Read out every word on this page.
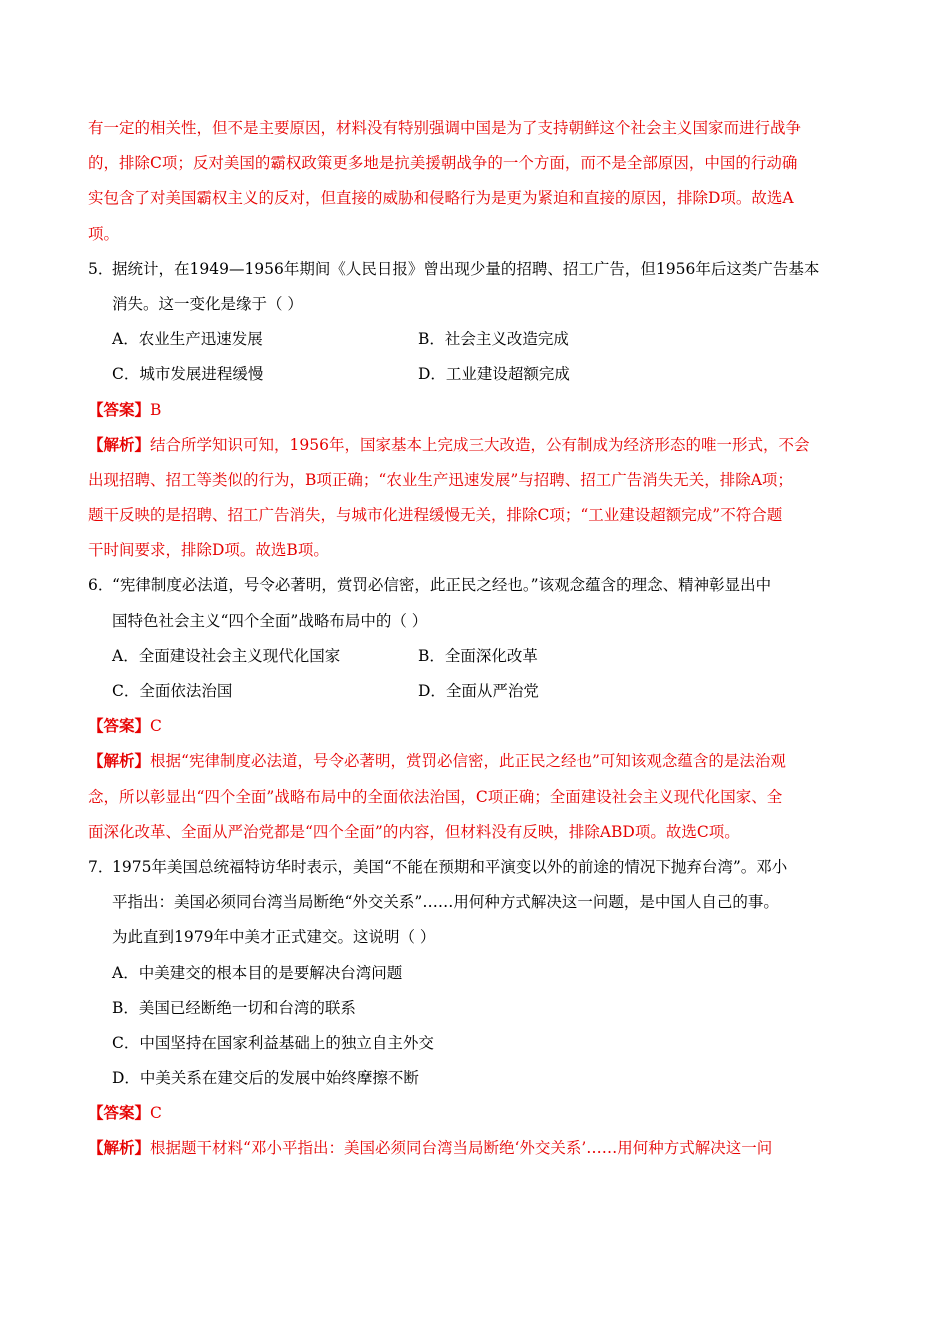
有一定的相关性，但不是主要原因，材料没有特别强调中国是为了支持朝鲜这个社会主义国家而进行战争
的，排除C项；反对美国的霸权政策更多地是抗美援朝战争的一个方面，而不是全部原因，中国的行动确
实包含了对美国霸权主义的反对，但直接的威胁和侵略行为是更为紧迫和直接的原因，排除D项。故选A
项。
5．据统计，在1949—1956年期间《人民日报》曾出现少量的招聘、招工广告，但1956年后这类广告基本
消失。这一变化是缘于（ ）
A．农业生产迅速发展	B．社会主义改造完成
C．城市发展进程缓慢	D．工业建设超额完成
【答案】B
【解析】结合所学知识可知，1956年，国家基本上完成三大改造，公有制成为经济形态的唯一形式，不会
出现招聘、招工等类似的行为，B项正确；“农业生产迅速发展”与招聘、招工广告消失无关，排除A项；
题干反映的是招聘、招工广告消失，与城市化进程缓慢无关，排除C项；“工业建设超额完成”不符合题
干时间要求，排除D项。故选B项。
6．“宪律制度必法道，号令必著明，赏罚必信密，此正民之经也。”该观念蕴含的理念、精神彰显出中
国特色社会主义“四个全面”战略布局中的（ ）
A．全面建设社会主义现代化国家	B．全面深化改革
C．全面依法治国	D．全面从严治党
【答案】C
【解析】根据“宪律制度必法道，号令必著明，赏罚必信密，此正民之经也”可知该观念蕴含的是法治观
念，所以彰显出“四个全面”战略布局中的全面依法治国，C项正确；全面建设社会主义现代化国家、全
面深化改革、全面从严治党都是“四个全面”的内容，但材料没有反映，排除ABD项。故选C项。
7．1975年美国总统福特访华时表示，美国“不能在预期和平演变以外的前途的情况下抛弃台湾”。邓小
平指出：美国必须同台湾当局断绝“外交关系”……用何种方式解决这一问题，是中国人自己的事。
为此直到1979年中美才正式建交。这说明（ ）
A．中美建交的根本目的是要解决台湾问题
B．美国已经断绝一切和台湾的联系
C．中国坚持在国家利益基础上的独立自主外交
D．中美关系在建交后的发展中始终摩擦不断
【答案】C
【解析】根据题干材料“邓小平指出：美国必须同台湾当局断绝‘外交关系’……用何种方式解决这一问
